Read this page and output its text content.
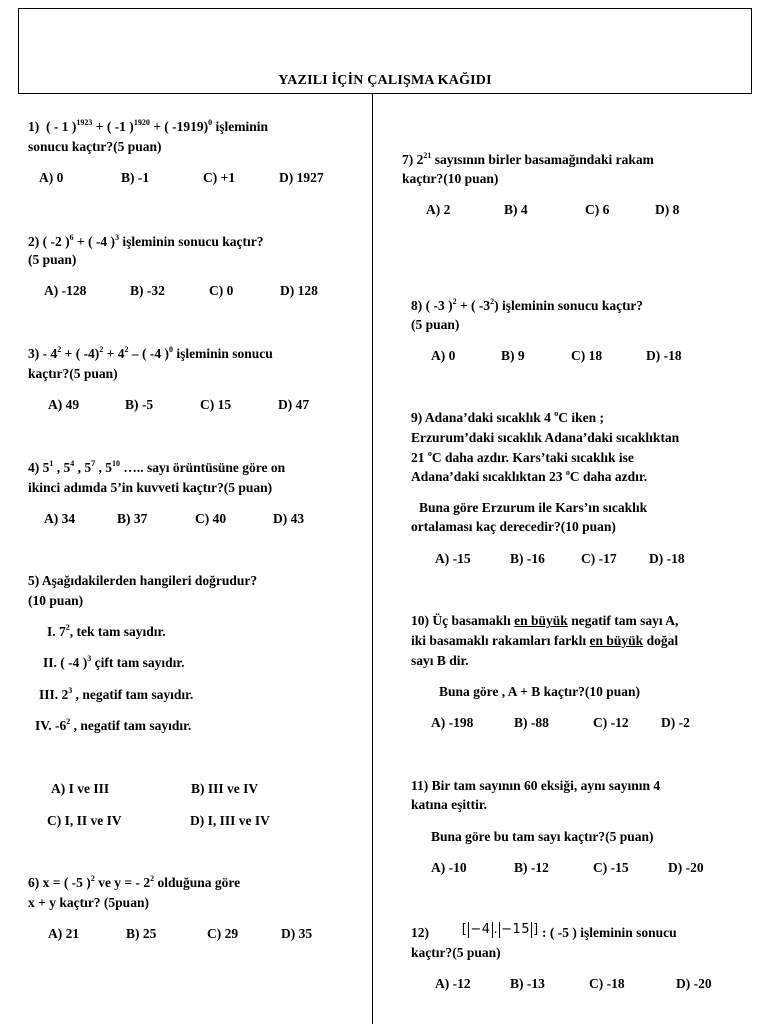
YAZILI İÇİN ÇALIŞMA KAĞIDI
1) ( - 1 )$^{1923}$ + ( -1 )$^{1920}$ + ( -1919)$^0$ işleminin
sonucu kaçtır?(5 puan)
A) 0	B) -1	C) +1	D) 1927
2) ( -2 )$^6$ + ( -4 )$^3$ işleminin sonucu kaçtır?
(5 puan)
A) -128	B) -32	C) 0	D) 128
$3) - 4^2$ + ( $-4)^2 + 4^2$ – ( -4 )$^0$ işleminin sonucu
kaçtır?(5 puan)
A) 49	B) -5	C) 15	D) 47
4) $5^1$ , $5^4$ , $5^7$ , $5^{10}$ ….. sayı örüntüsüne göre on
ikinci adımda 5’in kuvveti kaçtır?(5 puan)
A) 34	B) 37	C) 40	D) 43
5) Aşağıdakilerden hangileri doğrudur?
(10 puan)
I. $7^2$, tek tam sayıdır.
II. ( -4 )$^3$ çift tam sayıdır.
III. $2^3$ , negatif tam sayıdır.
IV. $-6^2$ , negatif tam sayıdır.
A) I ve III	B) III ve IV
C) I, II ve IV	D) I, III ve IV
6) x = ( -5 )$^2$ ve y = - $2^2$ olduğuna göre
x + y kaçtır? (5puan)
A) 21	B) 25	C) 29	D) 35
7) $2^{21}$ sayısının birler basamağındaki rakam
kaçtır?(10 puan)
A) 2	B) 4	C) 6	D) 8
8) ( -3 )$^2$ + ( $-3^2$) işleminin sonucu kaçtır?
(5 puan)
A) 0	B) 9	C) 18	D) -18
9) Adana’daki sıcaklık 4 $^o$C iken ;
Erzurum’daki sıcaklık Adana’daki sıcaklıktan
21 $^o$C daha azdır. Kars’taki sıcaklık ise
Adana’daki sıcaklıktan 23 $^o$C daha azdır.
Buna göre Erzurum ile Kars’ın sıcaklık
ortalaması kaç derecedir?(10 puan)
A) -15	B) -16	C) -17 D) -18
10) Üç basamaklı en büyük negatif tam sayı A,
iki basamaklı rakamları farklı en büyük doğal
sayı B dir.
Buna göre , A + B kaçtır?(10 puan)
A) -198	B) -88	C) -12 D) -2
11) Bir tam sayının 60 eksiği, aynı sayının 4
katına eşittir.
Buna göre bu tam sayı kaçtır?(5 puan)
A) -10	B) -12	C) -15	D) -20
12)	[ −4 . −15 ] : ( -5 ) işleminin sonucu
kaçtır?(5 puan)
A) -12	B) -13	C) -18	D) -20
